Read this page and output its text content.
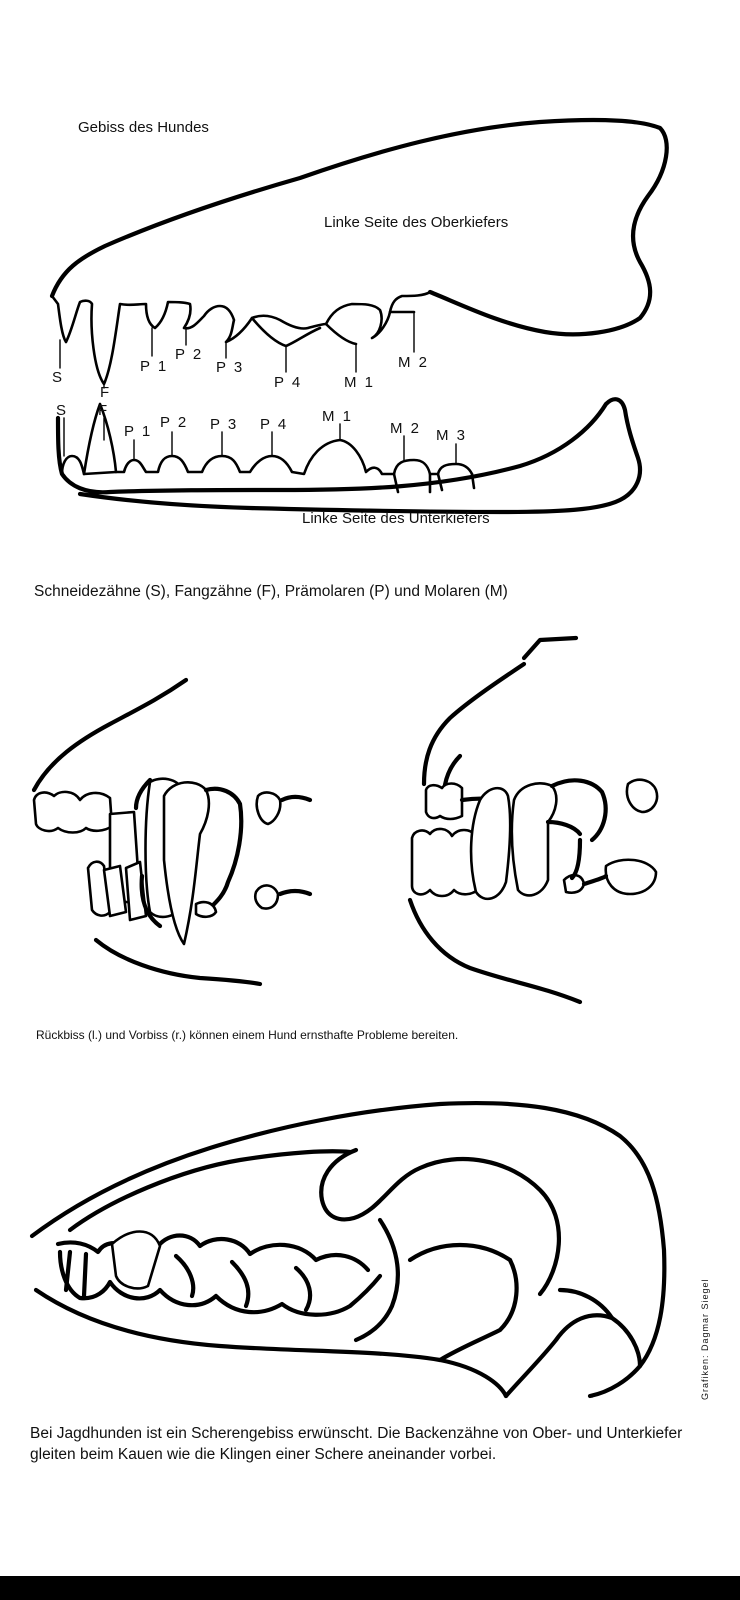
Gebiss des Hundes
Linke Seite des Oberkiefers
Linke Seite des Unterkiefers
S
F
P 1
P 2
P 3
P 4	M 1
M 2
S F
P 1
P 2 P 3 P 4 M 1
M 2 M 3
Schneidezähne (S), Fangzähne (F), Prämolaren (P) und Molaren (M)
Rückbiss (l.) und Vorbiss (r.) können einem Hund ernsthafte Probleme bereiten.
Grafiken: Dagmar Siegel
Bei Jagdhunden ist ein Scherengebiss erwünscht. Die Backenzähne von Ober- und Unterkiefer gleiten beim Kauen wie die Klingen einer Schere aneinander vorbei.
